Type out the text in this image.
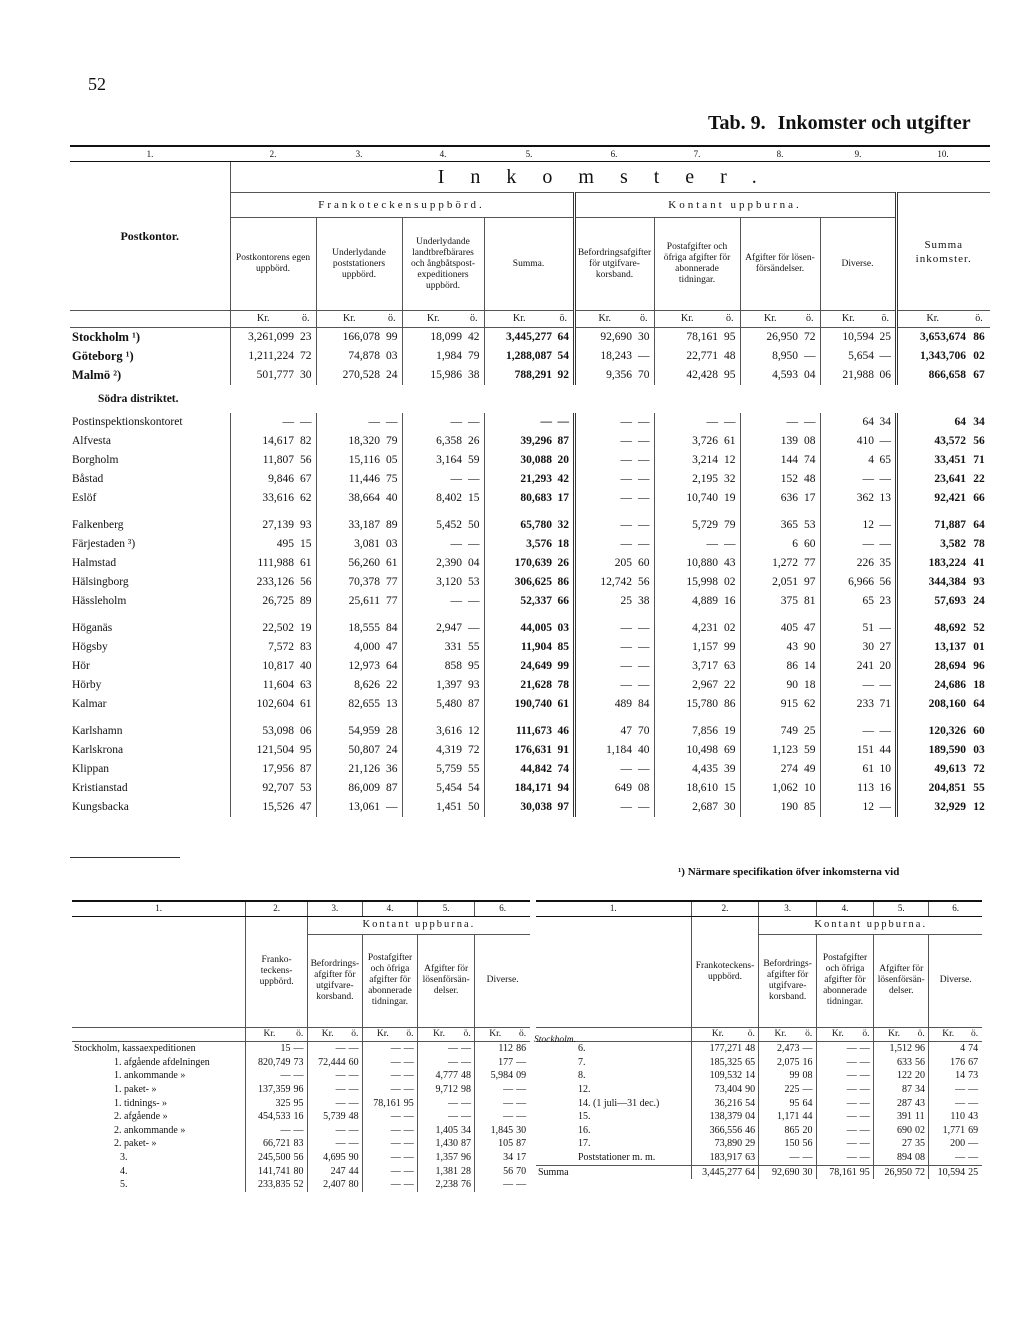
52
Tab. 9. Inkomster och utgifter
1.	2.		3.		4.		5.		6.		7.		8.		9.		10.	
Postkontor.	Inkomster.																	
	Frankoteckensuppbörd.								Kontant uppburna.								Summa inkomster.	
	Postkontorens egen uppbörd.		Underlydande poststationers uppbörd.		Underlydande landtbrefbärares och ångbåtspostexpeditioners uppbörd.		Summa.		Befordringsafgifter för utgifvarekorsband.		Postafgifter och öfriga afgifter för abonnerade tidningar.		Afgifter för lösenförsändelser.		Diverse.			
	Kr.	ö.	Kr.	ö.	Kr.	ö.	Kr.	ö.	Kr.	ö.	Kr.	ö.	Kr.	ö.	Kr.	ö.	Kr.	ö.
Stockholm ¹)	3,261,099	23	166,078	99	18,099	42	3,445,277	64	92,690	30	78,161	95	26,950	72	10,594	25	3,653,674	86
Göteborg ¹)	1,211,224	72	74,878	03	1,984	79	1,288,087	54	18,243	—	22,771	48	8,950	—	5,654	—	1,343,706	02
Malmö ²)	501,777	30	270,528	24	15,986	38	788,291	92	9,356	70	42,428	95	4,593	04	21,988	06	866,658	67
Södra distriktet.																		
Postinspektionskontoret	—	—	—	—	—	—	—	—	—	—	—	—	—	—	64	34	64	34
Alfvesta	14,617	82	18,320	79	6,358	26	39,296	87	—	—	3,726	61	139	08	410	—	43,572	56
Borgholm	11,807	56	15,116	05	3,164	59	30,088	20	—	—	3,214	12	144	74	4	65	33,451	71
Båstad	9,846	67	11,446	75	—	—	21,293	42	—	—	2,195	32	152	48	—	—	23,641	22
Eslöf	33,616	62	38,664	40	8,402	15	80,683	17	—	—	10,740	19	636	17	362	13	92,421	66

Falkenberg	27,139	93	33,187	89	5,452	50	65,780	32	—	—	5,729	79	365	53	12	—	71,887	64
Färjestaden ³)	495	15	3,081	03	—	—	3,576	18	—	—	—	—	6	60	—	—	3,582	78
Halmstad	111,988	61	56,260	61	2,390	04	170,639	26	205	60	10,880	43	1,272	77	226	35	183,224	41
Hälsingborg	233,126	56	70,378	77	3,120	53	306,625	86	12,742	56	15,998	02	2,051	97	6,966	56	344,384	93
Hässleholm	26,725	89	25,611	77	—	—	52,337	66	25	38	4,889	16	375	81	65	23	57,693	24

Höganäs	22,502	19	18,555	84	2,947	—	44,005	03	—	—	4,231	02	405	47	51	—	48,692	52
Högsby	7,572	83	4,000	47	331	55	11,904	85	—	—	1,157	99	43	90	30	27	13,137	01
Hör	10,817	40	12,973	64	858	95	24,649	99	—	—	3,717	63	86	14	241	20	28,694	96
Hörby	11,604	63	8,626	22	1,397	93	21,628	78	—	—	2,967	22	90	18	—	—	24,686	18
Kalmar	102,604	61	82,655	13	5,480	87	190,740	61	489	84	15,780	86	915	62	233	71	208,160	64

Karlshamn	53,098	06	54,959	28	3,616	12	111,673	46	47	70	7,856	19	749	25	—	—	120,326	60
Karlskrona	121,504	95	50,807	24	4,319	72	176,631	91	1,184	40	10,498	69	1,123	59	151	44	189,590	03
Klippan	17,956	87	21,126	36	5,759	55	44,842	74	—	—	4,435	39	274	49	61	10	49,613	72
Kristianstad	92,707	53	86,009	87	5,454	54	184,171	94	649	08	18,610	15	1,062	10	113	16	204,851	55
Kungsbacka	15,526	47	13,061	—	1,451	50	30,038	97	—	—	2,687	30	190	85	12	—	32,929	12
¹) Närmare specifikation öfver inkomsterna vid
1.	2.		3.		4.		5.		6.	
	Frankoteckensuppbörd.		Kontant uppburna.							
			Befordringsafgifter för utgifvarekorsband.		Postafgifter och öfriga afgifter för abonnerade tidningar.		Afgifter för lösenförsändelser.		Diverse.	
	Kr.	ö.	Kr.	ö.	Kr.	ö.	Kr.	ö.	Kr.	ö.
Stockholm, kassaexpeditionen	15	—	—	—	—	—	—	—	112	86
1. afgående afdelningen	820,749	73	72,444	60	—	—	—	—	177	—
1. ankommande »	—	—	—	—	—	—	4,777	48	5,984	09
1. paket- »	137,359	96	—	—	—	—	9,712	98	—	—
1. tidnings- »	325	95	—	—	78,161	95	—	—	—	—
2. afgående »	454,533	16	5,739	48	—	—	—	—	—	—
2. ankommande »	—	—	—	—	—	—	1,405	34	1,845	30
2. paket- »	66,721	83	—	—	—	—	1,430	87	105	87
3.	245,500	56	4,695	90	—	—	1,357	96	34	17
4.	141,741	80	247	44	—	—	1,381	28	56	70
5.	233,835	52	2,407	80	—	—	2,238	76	—	—
1.	2.		3.		4.		5.		6.	
	Frankoteckensuppbörd.		Kontant uppburna.							
			Befordringsafgifter för utgifvarekorsband.		Postafgifter och öfriga afgifter för abonnerade tidningar.		Afgifter för lösenförsändelser.		Diverse.	
	Kr.	ö.	Kr.	ö.	Kr.	ö.	Kr.	ö.	Kr.	ö.

Stockholm.
6.	177,271	48	2,473	—	—	—	1,512	96	4	74
7.	185,325	65	2,075	16	—	—	633	56	176	67
8.	109,532	14	99	08	—	—	122	20	14	73
12.	73,404	90	225	—	—	—	87	34	—	—
14. (1 juli—31 dec.)	36,216	54	95	64	—	—	287	43	—	—
15.	138,379	04	1,171	44	—	—	391	11	110	43
16.	366,556	46	865	20	—	—	690	02	1,771	69
17.	73,890	29	150	56	—	—	27	35	200	—
Poststationer m. m.	183,917	63	—	—	—	—	894	08	—	—
Summa	3,445,277	64	92,690	30	78,161	95	26,950	72	10,594	25
